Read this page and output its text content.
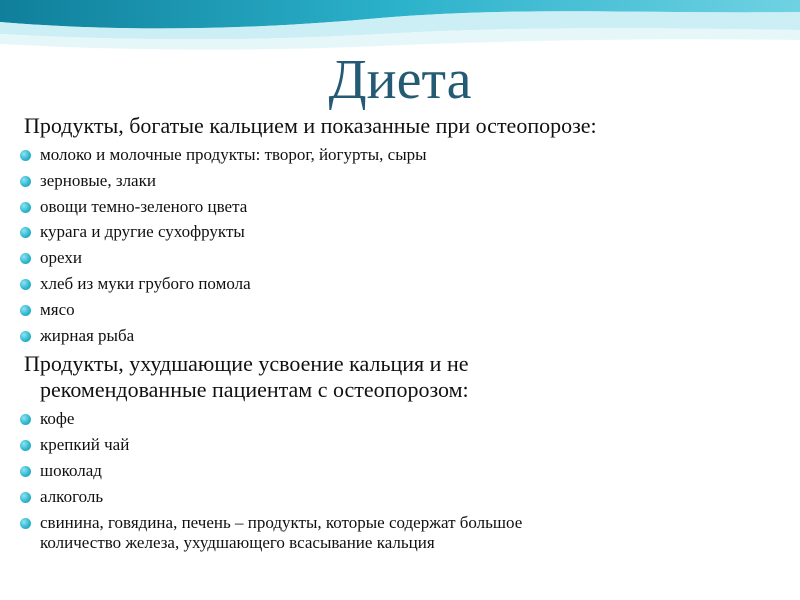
Диета

Продукты, богатые кальцием и показанные при остеопорозе:

молоко и молочные продукты: творог, йогурты, сыры
зерновые, злаки
овощи темно-зеленого цвета
курага и другие сухофрукты
орехи
хлеб из муки грубого помола
мясо
жирная рыба

Продукты, ухудшающие усвоение кальция и не
рекомендованные пациентам с остеопорозом:

кофе
крепкий чай
шоколад
алкоголь
свинина, говядина, печень – продукты, которые содержат большое
количество железа, ухудшающего всасывание кальция
